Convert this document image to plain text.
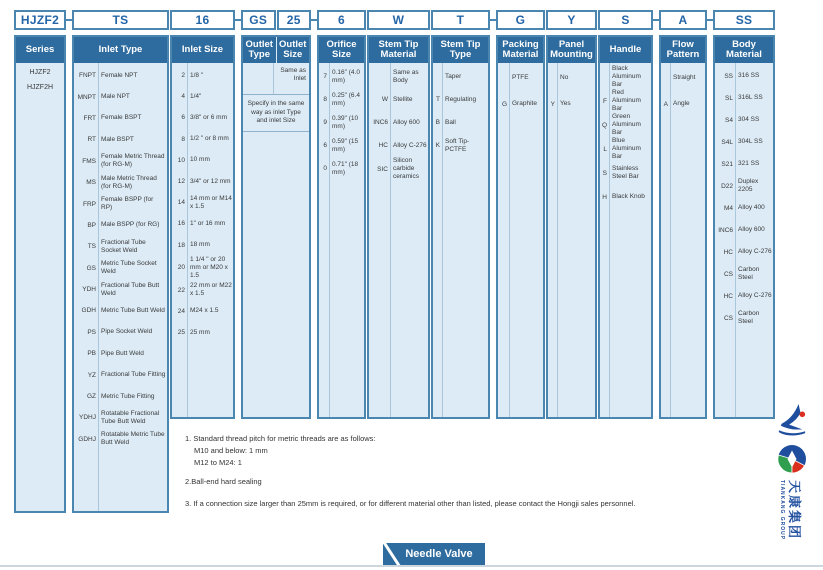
HJZF2
Series
HJZF2
HJZF2H
TS
Inlet Type
FNPT Female NPT
MNPT Male NPT
FRT Female BSPT
RT Male BSPT
FMS
Female Metric Thread (for RG-M)
MS
Male Metric Thread (for RG-M)
FRP
Female BSPP (for RP)
BP Male BSPP (for RG)
TS
Fractional Tube Socket Weld
GS
Metric Tube Socket Weld
YDH
Fractional Tube Butt Weld
GDH Metric Tube Butt Weld
PS Pipe Socket Weld
PB Pipe Butt Weld
YZ Fractional Tube Fitting
GZ Metric Tube Fitting
YDHJ
Rotatable Fractional Tube Butt Weld
GDHJ
Rotatable Metric Tube Butt Weld
16
Inlet Size
2 1/8 "
4 1/4"
6 3/8" or 6 mm
8 1/2 " or 8 mm
10 10 mm
12 3/4" or 12 mm
14
14 mm or M14 x 1.5
16 1" or 16 mm
18 18 mm
20
1 1/4 " or 20 mm or M20 x 1.5
22
22 mm or M22 x 1.5
24 M24 x 1.5
25 25 mm
GS	25
Outlet Type
Outlet Size
Same as Inlet
Specify in the same way as inlet Type and inlet Size
6
Orifice Size
7
0.16" (4.0 mm)
8
0.25" (6.4 mm)
9
0.39" (10 mm)
6
0.59" (15 mm)
0
0.71" (18 mm)
W
Stem Tip Material
Same as Body
W Stellite
INC6 Alloy 600
HC Alloy C-276
SIC
Silicon carbide ceramics
T
Stem Tip Type
Taper
T Regulating
B Ball
K
Soft Tip-PCTFE
G
Packing Material
PTFE
G Graphite
Y
Panel Mounting
No
Y Yes
S
Handle
Black Aluminum Bar
F
Red Aluminum Bar
Q
Green Aluminum Bar
L
Blue Aluminum Bar
S
Stainless Steel Bar
H Black Knob
A
Flow Pattern
Straight
A Angle
SS
Body Material
SS 316 SS
SL 316L SS
S4 304 SS
S4L 304L SS
S21 321 SS
D22
Duplex 2205
M4 Alloy 400
INC6 Alloy 600
HC Alloy C-276
CS
Carbon Steel
HC Alloy C-276
CS
Carbon Steel
1. Standard thread pitch for metric threads are as follows:
M10 and below: 1 mm
M12 to M24: 1
2.Ball-end hard sealing
3. If a connection size larger than 25mm is required, or for different material other than listed, please contact the Hongji sales personnel.	TIANKANG GROUP 天康集团
Needle Valve
